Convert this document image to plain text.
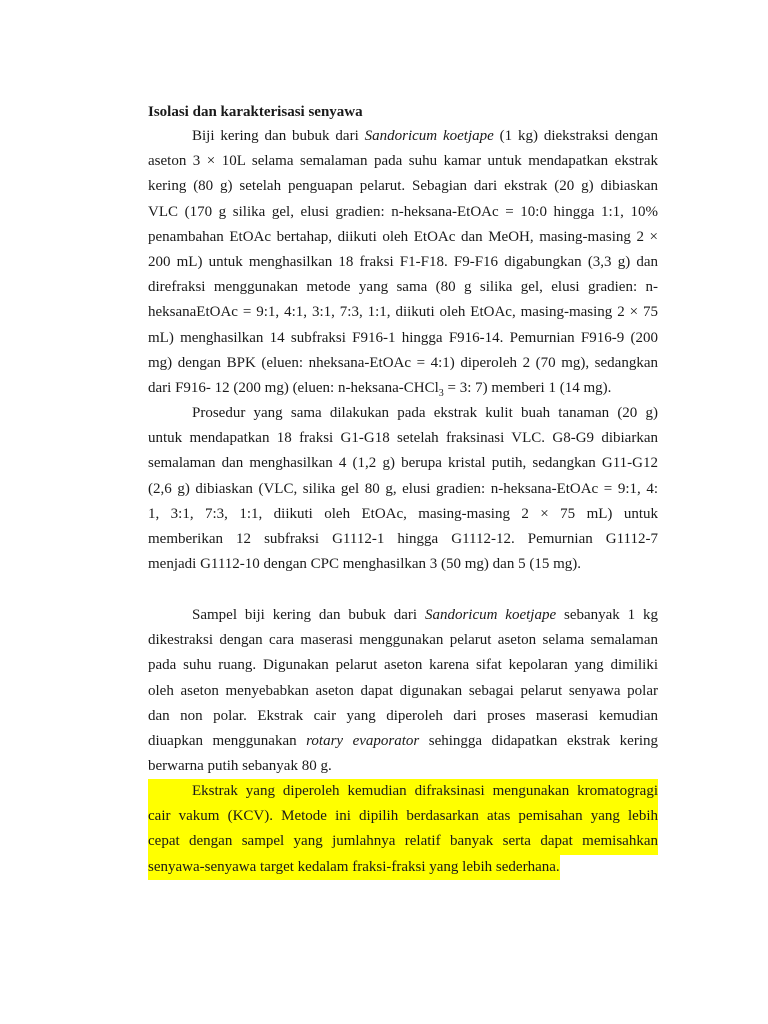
Isolasi dan karakterisasi senyawa
Biji kering dan bubuk dari Sandoricum koetjape (1 kg) diekstraksi dengan
aseton 3 × 10L selama semalaman pada suhu kamar untuk mendapatkan ekstrak
kering (80 g) setelah penguapan pelarut. Sebagian dari ekstrak (20 g) dibiaskan
VLC (170 g silika gel, elusi gradien: n-heksana-EtOAc = 10:0 hingga 1:1, 10%
penambahan EtOAc bertahap, diikuti oleh EtOAc dan MeOH, masing-masing 2 ×
200 mL) untuk menghasilkan 18 fraksi F1-F18. F9-F16 digabungkan (3,3 g) dan
direfraksi menggunakan metode yang sama (80 g silika gel, elusi gradien: n-
heksanaEtOAc = 9:1, 4:1, 3:1, 7:3, 1:1, diikuti oleh EtOAc, masing-masing 2 × 75
mL) menghasilkan 14 subfraksi F916-1 hingga F916-14. Pemurnian F916-9 (200
mg) dengan BPK (eluen: nheksana-EtOAc = 4:1) diperoleh 2 (70 mg), sedangkan
dari F916- 12 (200 mg) (eluen: n-heksana-CHCl$_3$ = 3: 7) memberi 1 (14 mg).
Prosedur yang sama dilakukan pada ekstrak kulit buah tanaman (20 g)
untuk mendapatkan 18 fraksi G1-G18 setelah fraksinasi VLC. G8-G9 dibiarkan
semalaman dan menghasilkan 4 (1,2 g) berupa kristal putih, sedangkan G11-G12
(2,6 g) dibiaskan (VLC, silika gel 80 g, elusi gradien: n-heksana-EtOAc = 9:1, 4:
1, 3:1, 7:3, 1:1, diikuti oleh EtOAc, masing-masing 2 × 75 mL) untuk
memberikan 12 subfraksi G1112-1 hingga G1112-12. Pemurnian G1112-7
menjadi G1112-10 dengan CPC menghasilkan 3 (50 mg) dan 5 (15 mg).
Sampel biji kering dan bubuk dari Sandoricum koetjape sebanyak 1 kg
dikestraksi dengan cara maserasi menggunakan pelarut aseton selama semalaman
pada suhu ruang. Digunakan pelarut aseton karena sifat kepolaran yang dimiliki
oleh aseton menyebabkan aseton dapat digunakan sebagai pelarut senyawa polar
dan non polar. Ekstrak cair yang diperoleh dari proses maserasi kemudian
diuapkan menggunakan rotary evaporator sehingga didapatkan ekstrak kering
berwarna putih sebanyak 80 g.
Ekstrak yang diperoleh kemudian difraksinasi mengunakan kromatogragi
cair vakum (KCV). Metode ini dipilih berdasarkan atas pemisahan yang lebih
cepat dengan sampel yang jumlahnya relatif banyak serta dapat memisahkan
senyawa-senyawa target kedalam fraksi-fraksi yang lebih sederhana.
